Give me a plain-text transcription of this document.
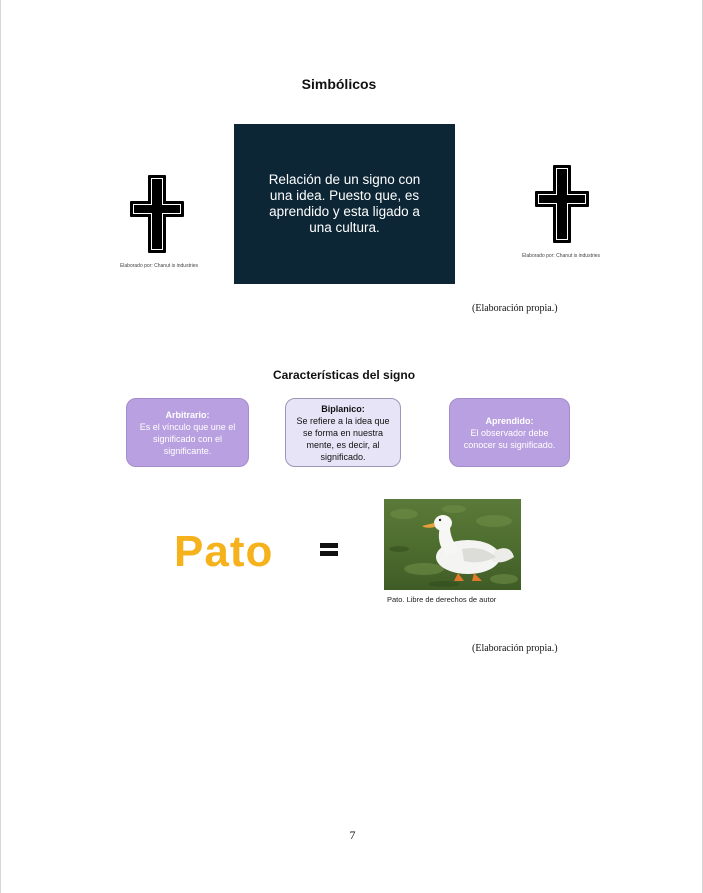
Simbólicos
Elaborado por: Chanut is industries
Relación de un signo con una idea. Puesto que, es aprendido y esta ligado a una cultura.
Elaborado por: Chanut is industries
(Elaboración propia.)
Características del signo
Arbitrario:
Es el vínculo que une el significado con el significante.
Biplanico:
Se refiere a la idea que se forma en nuestra mente, es decir, al significado.
Aprendido:
El observador debe conocer su significado.
Pato
Pato. Libre de derechos de autor
(Elaboración propia.)
7
